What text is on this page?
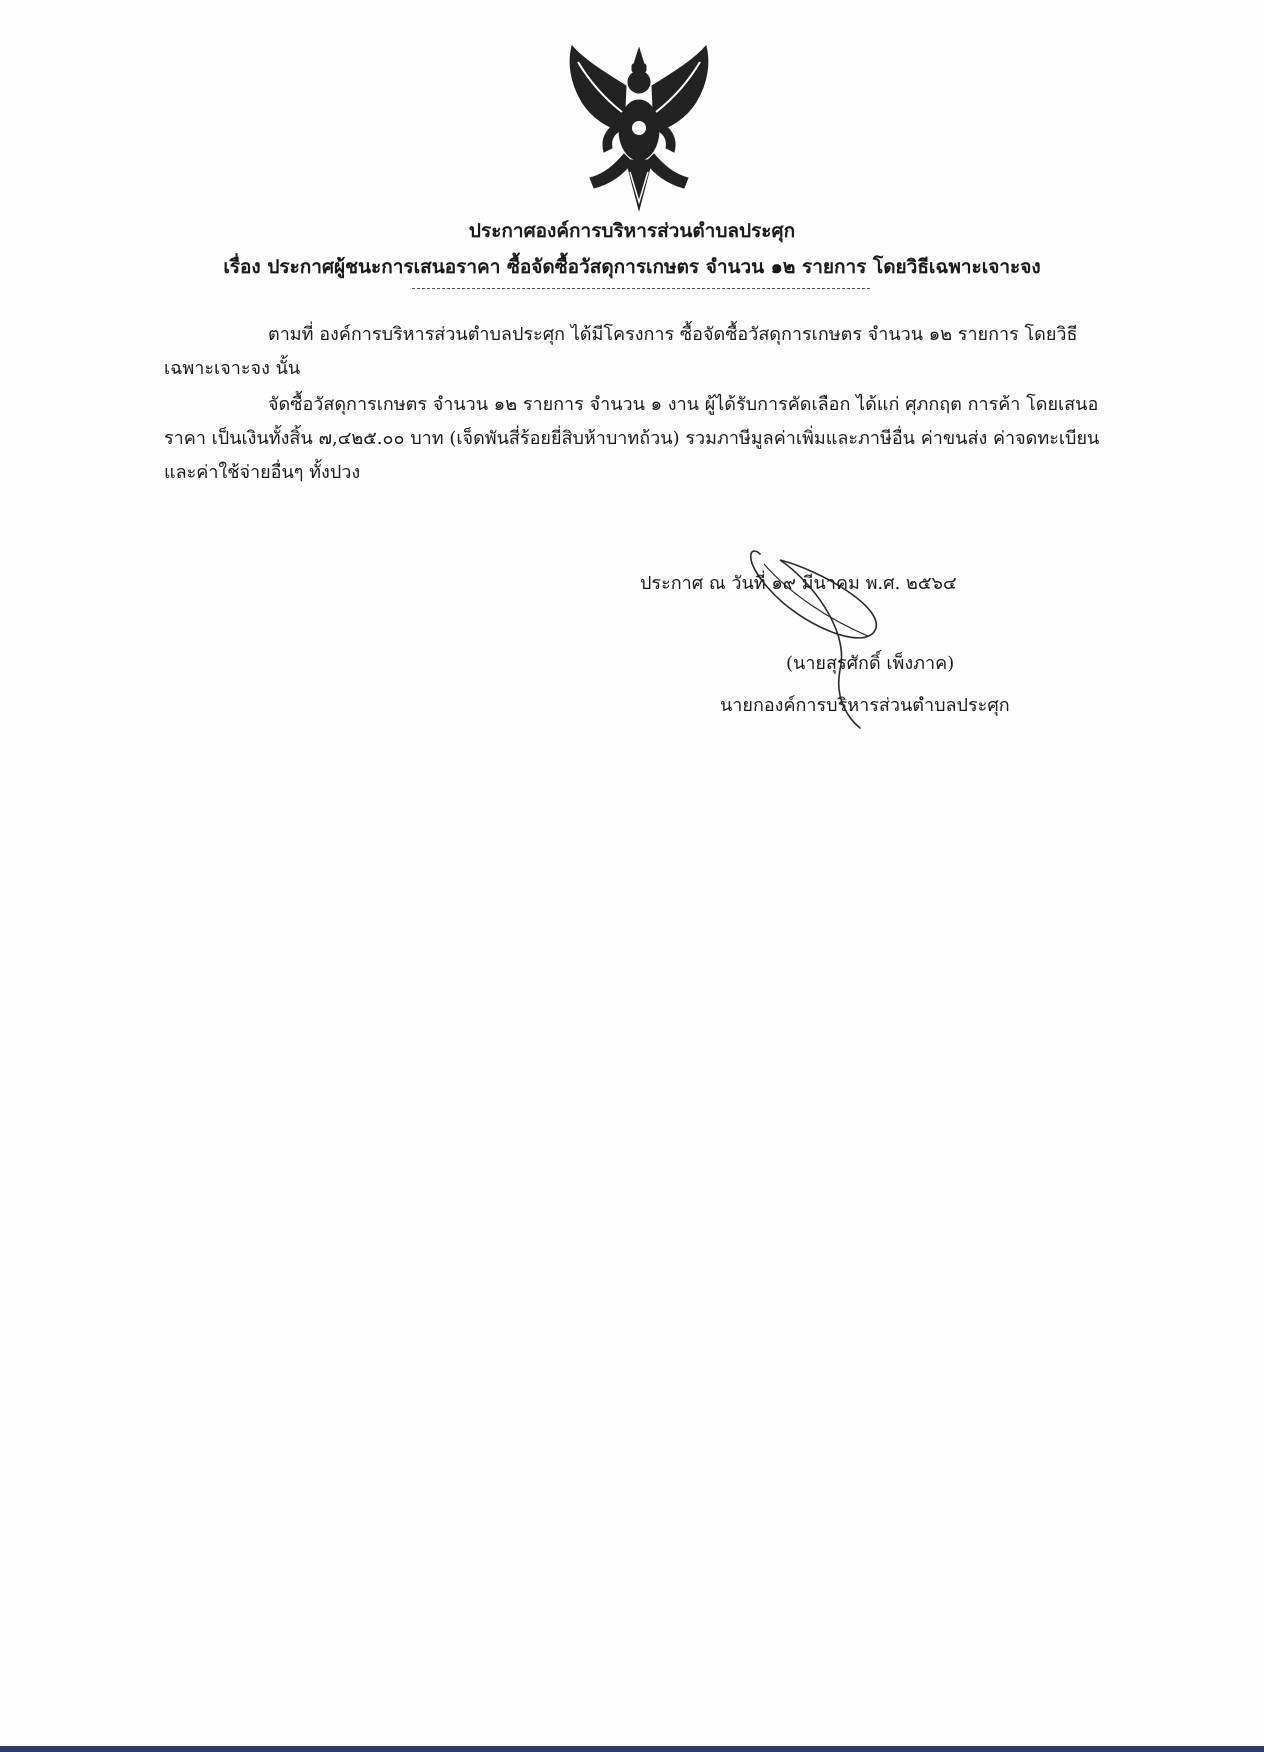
ประกาศองค์การบริหารส่วนตำบลประศุก
เรื่อง ประกาศผู้ชนะการเสนอราคา ซื้อจัดซื้อวัสดุการเกษตร จำนวน ๑๒ รายการ โดยวิธีเฉพาะเจาะจง
ตามที่ องค์การบริหารส่วนตำบลประศุก ได้มีโครงการ ซื้อจัดซื้อวัสดุการเกษตร จำนวน ๑๒ รายการ โดยวิธีเฉพาะเจาะจง นั้น
จัดซื้อวัสดุการเกษตร จำนวน ๑๒ รายการ จำนวน ๑ งาน ผู้ได้รับการคัดเลือก ได้แก่ ศุภกฤต การค้า โดยเสนอราคา เป็นเงินทั้งสิ้น ๗,๔๒๕.๐๐ บาท (เจ็ดพันสี่ร้อยยี่สิบห้าบาทถ้วน) รวมภาษีมูลค่าเพิ่มและภาษีอื่น ค่าขนส่ง ค่าจดทะเบียน และค่าใช้จ่ายอื่นๆ ทั้งปวง
ประกาศ ณ วันที่ ๑๙ มีนาคม พ.ศ. ๒๕๖๔
(นายสุรศักดิ์ เพ็งภาค)
นายกองค์การบริหารส่วนตำบลประศุก
